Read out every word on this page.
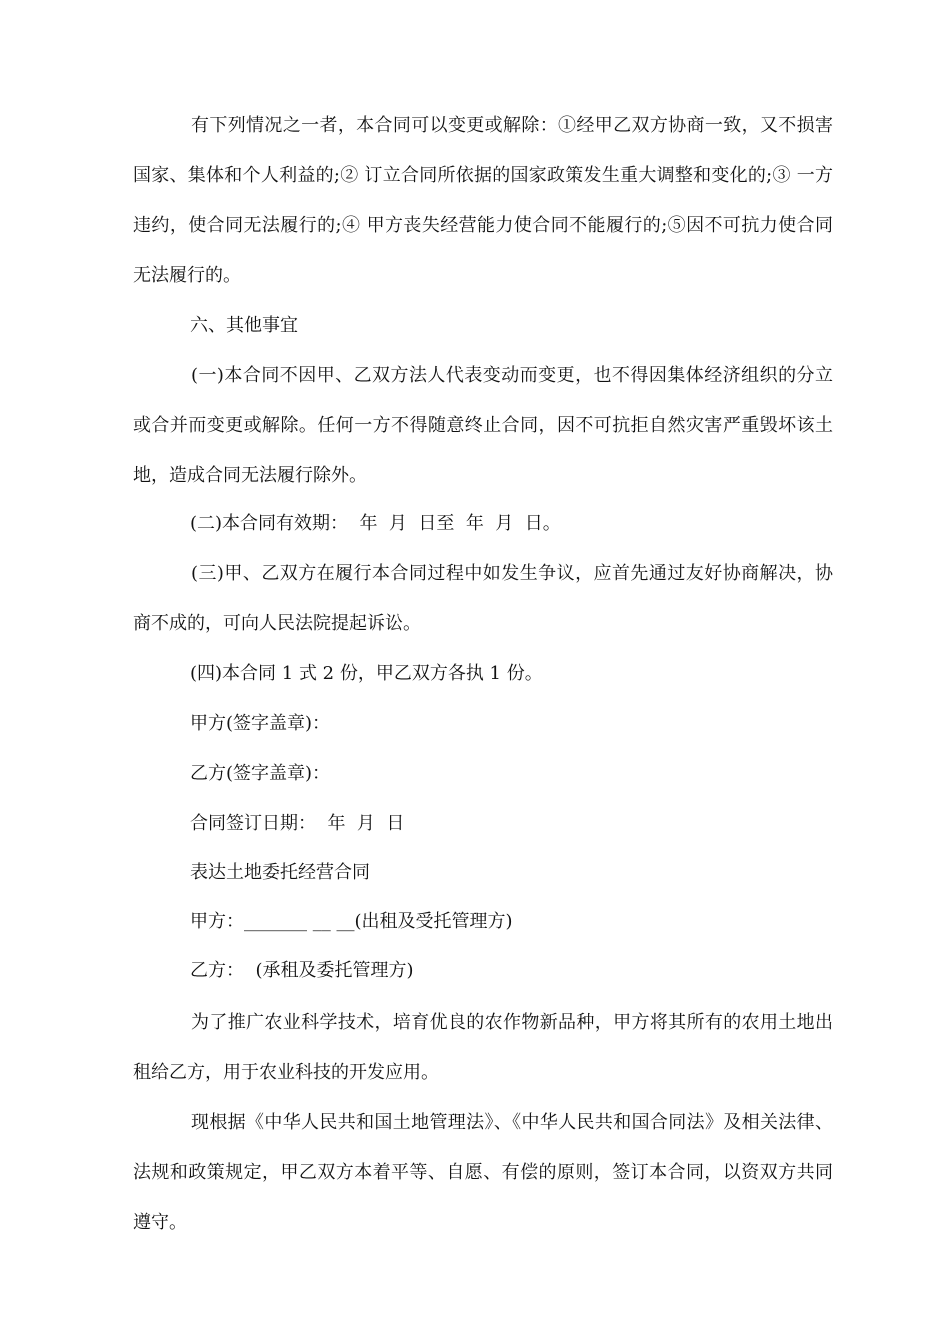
有下列情况之一者，本合同可以变更或解除：①经甲乙双方协商一致，又不损害国家、集体和个人利益的;② 订立合同所依据的国家政策发生重大调整和变化的;③ 一方违约，使合同无法履行的;④ 甲方丧失经营能力使合同不能履行的;⑤因不可抗力使合同无法履行的。

六、其他事宜

(一)本合同不因甲、乙双方法人代表变动而变更，也不得因集体经济组织的分立或合并而变更或解除。任何一方不得随意终止合同，因不可抗拒自然灾害严重毁坏该土地，造成合同无法履行除外。

(二)本合同有效期：  年  月  日至  年  月  日。

(三)甲、乙双方在履行本合同过程中如发生争议，应首先通过友好协商解决，协商不成的，可向人民法院提起诉讼。

(四)本合同 1 式 2 份，甲乙双方各执 1 份。

甲方(签字盖章)：

乙方(签字盖章)：

合同签订日期：  年  月  日

表达土地委托经营合同

甲方：_______ __ __(出租及受托管理方)

乙方：  (承租及委托管理方)

为了推广农业科学技术，培育优良的农作物新品种，甲方将其所有的农用土地出租给乙方，用于农业科技的开发应用。

现根据《中华人民共和国土地管理法》、《中华人民共和国合同法》及相关法律、法规和政策规定，甲乙双方本着平等、自愿、有偿的原则，签订本合同，以资双方共同遵守。
